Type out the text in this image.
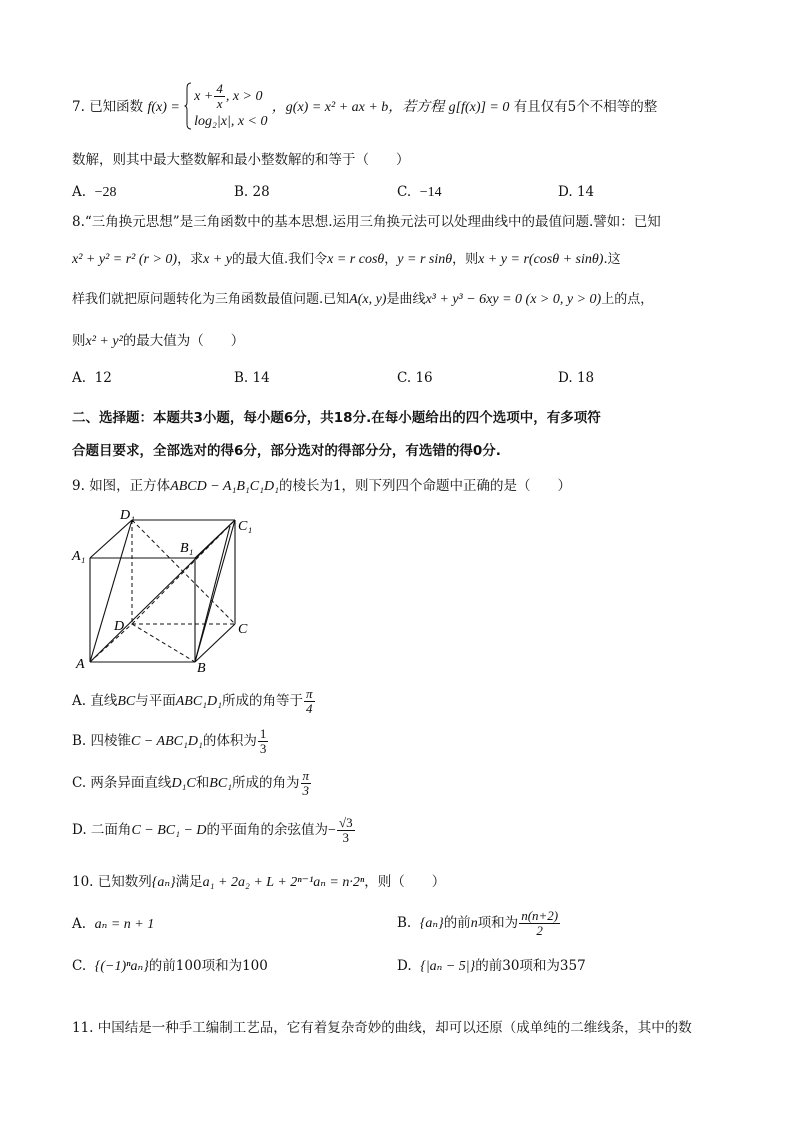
7. 已知函数 f(x) =
$x + \frac{4}{x}$ , x > 0
log₂|x|, x < 0
，g(x) = x² + ax + b，若方程 g[f(x)] = 0 有且仅有5个不相等的整
数解，则其中最大整数解和最小整数解的和等于（　　）
A. −28	B. 28	C. −14	D. 14
8.“三角换元思想”是三角函数中的基本思想.运用三角换元法可以处理曲线中的最值问题.譬如：已知
x² + y² = r² (r > 0)，求x + y的最大值.我们令x = r cosθ，y = r sinθ，则x + y = r(cosθ + sinθ).这
样我们就把原问题转化为三角函数最值问题.已知A(x, y)是曲线x³ + y³ − 6xy = 0 (x > 0, y > 0)上的点，
则x² + y²的最大值为（　　）
A. 12	B. 14	C. 16	D. 18
二、选择题：本题共3小题，每小题6分，共18分.在每小题给出的四个选项中，有多项符
合题目要求，全部选对的得6分，部分选对的得部分分，有选错的得0分.
9. 如图，正方体ABCD − A₁B₁C₁D₁的棱长为1，则下列四个命题中正确的是（　　）
D₁
C₁
A₁
B₁
D	C
A	B
A. 直线BC与平面ABC₁D₁所成的角等于 $\frac{\pi}{4}$
B. 四棱锥C − ABC₁D₁的体积为 $\frac{1}{3}$
C. 两条异面直线D₁C和BC₁所成的角为 $\frac{\pi}{3}$
D. 二面角C − BC₁ − D的平面角的余弦值为− $\frac{√3}{3}$
10. 已知数列{aₙ}满足a₁ + 2a₂ + L + 2ⁿ⁻¹aₙ = n·2ⁿ，则（　　）
A. aₙ = n + 1	B. {aₙ}的前n项和为 $\frac{n(n+2)}{2}$
C. {(−1)ⁿaₙ}的前100项和为100	D. {|aₙ − 5|}的前30项和为357
11. 中国结是一种手工编制工艺品，它有着复杂奇妙的曲线，却可以还原（成单纯的二维线条，其中的数
